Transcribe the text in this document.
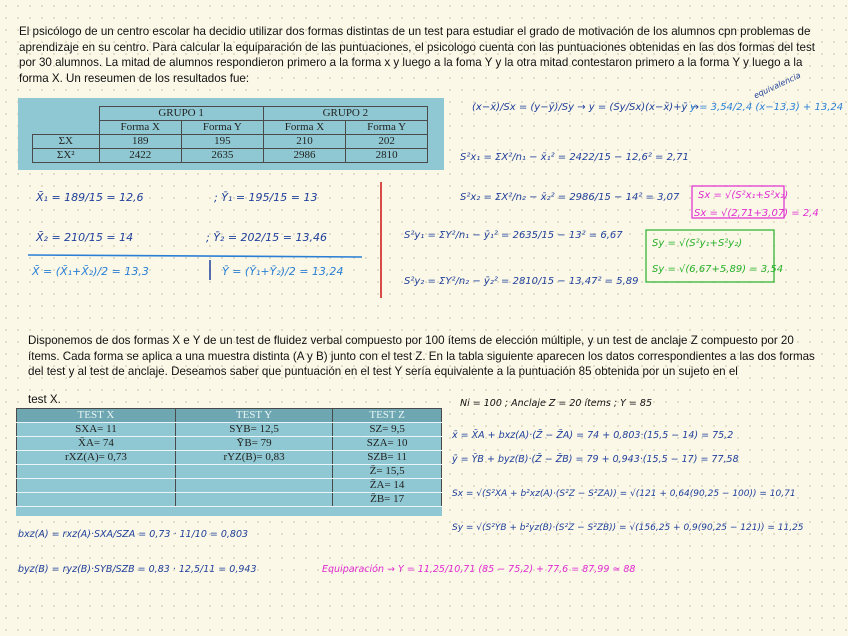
El psicólogo de un centro escolar ha decidio utilizar dos formas distintas de un test para estudiar el grado de motivación de los alumnos cpn problemas de aprendizaje en su centro. Para calcular la equiparación de las puntuaciones, el psicologo cuenta con las puntuaciones obtenidas en las dos formas del test por 30 alumnos. La mitad de alumnos respondieron primero a la forma x y luego a la foma Y y la otra mitad contestaron primero a la forma Y y luego a la forma X. Un reseumen de los resultados fue:

	GRUPO 1		GRUPO 2	
	Forma X	Forma Y	Forma X	Forma Y
ΣX	189	195	210	202
ΣX²	2422	2635	2986	2810
X̄₁ = 189/15 = 12,6	; Ȳ₁ = 195/15 = 13
X̄₂ = 210/15 = 14	; Ȳ₂ = 202/15 = 13,46
X̄ = (X̄₁+X̄₂)/2 = 13,3	Ȳ = (Ȳ₁+Ȳ₂)/2 = 13,24
(x−x̄)/Sx = (y−ȳ)/Sy → y = (Sy/Sx)(x−x̄)+ȳ →
y = 3,54/2,4 (x−13,3) + 13,24
equivalencia
S²x₁ = ΣX²/n₁ − x̄₁² = 2422/15 − 12,6² = 2,71
S²x₂ = ΣX²/n₂ − x̄₂² = 2986/15 − 14² = 3,07
S²y₁ = ΣY²/n₁ − ȳ₁² = 2635/15 − 13² = 6,67
S²y₂ = ΣY²/n₂ − ȳ₂² = 2810/15 − 13,47² = 5,89
Sx = √(S²x₁+S²x₂)
Sx = √(2,71+3,07) = 2,4
Sy = √(S²y₁+S²y₂)
Sy = √(6,67+5,89) = 3,54

Disponemos de dos formas X e Y de un test de fluidez verbal compuesto por 100 ítems de elección múltiple, y un test de anclaje Z compuesto por 20 ítems. Cada forma se aplica a una muestra distinta (A y B) junto con el test Z. En la tabla siguiente aparecen los datos correspondientes a las dos formas del test y al test de anclaje. Deseamos saber que puntuación en el test Y sería equivalente a la puntuación 85 obtenida por un sujeto en el

test X.

TEST X	TEST Y	TEST Z
SXA= 11	SYB= 12,5	SZ= 9,5
X̄A= 74	ȲB= 79	SZA= 10
rXZ(A)= 0,73	rYZ(B)= 0,83	SZB= 11
		Z̄= 15,5
		Z̄A= 14
		Z̄B= 17
Ni = 100 ; Anclaje Z = 20 ítems ; Y = 85
x̄ = X̄A + bxz(A)·(Z̄ − Z̄A) = 74 + 0,803·(15,5 − 14) = 75,2
ȳ = ȲB + byz(B)·(Z̄ − Z̄B) = 79 + 0,943·(15,5 − 17) = 77,58
Sx = √(S²XA + b²xz(A)·(S²Z − S²ZA)) = √(121 + 0,64(90,25 − 100)) = 10,71
Sy = √(S²YB + b²yz(B)·(S²Z − S²ZB)) = √(156,25 + 0,9(90,25 − 121)) = 11,25
bxz(A) = rxz(A)·SXA/SZA = 0,73 · 11/10 = 0,803
byz(B) = ryz(B)·SYB/SZB = 0,83 · 12,5/11 = 0,943	Equiparación → Y = 11,25/10,71 (85 − 75,2) + 77,6 = 87,99 ≃ 88
